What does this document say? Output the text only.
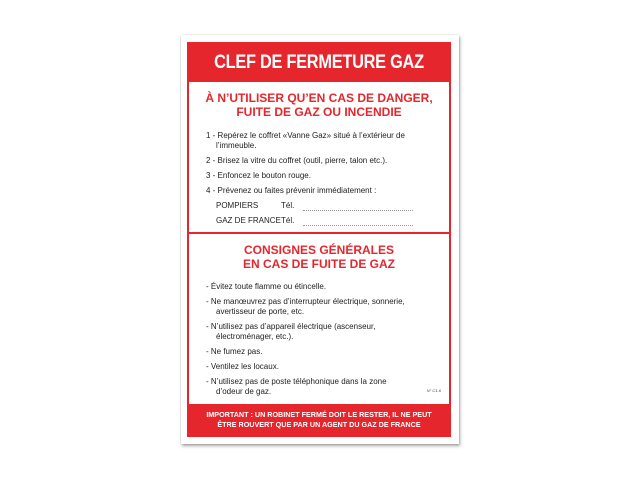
CLEF DE FERMETURE GAZ
À N’UTILISER QU’EN CAS DE DANGER,
FUITE DE GAZ OU INCENDIE
1 - Repérez le coffret «Vanne Gaz» situé à l’extérieur de
l’immeuble.
2 - Brisez la vitre du coffret (outil, pierre, talon etc.).
3 - Enfoncez le bouton rouge.
4 - Prévenez ou faites prévenir immédiatement :
POMPIERS	Tél.
GAZ DE FRANCE Tél.
CONSIGNES GÉNÉRALES
EN CAS DE FUITE DE GAZ
- Évitez toute flamme ou étincelle.
- Ne manœuvrez pas d’interrupteur électrique, sonnerie,
avertisseur de porte, etc.
- N’utilisez pas d’appareil électrique (ascenseur,
électroménager, etc.).
- Ne fumez pas.
- Ventilez les locaux.
- N’utilisez pas de poste téléphonique dans la zone
d’odeur de gaz.	N° C1-6
IMPORTANT : UN ROBINET FERMÉ DOIT LE RESTER, IL NE PEUT
ÊTRE ROUVERT QUE PAR UN AGENT DU GAZ DE FRANCE
